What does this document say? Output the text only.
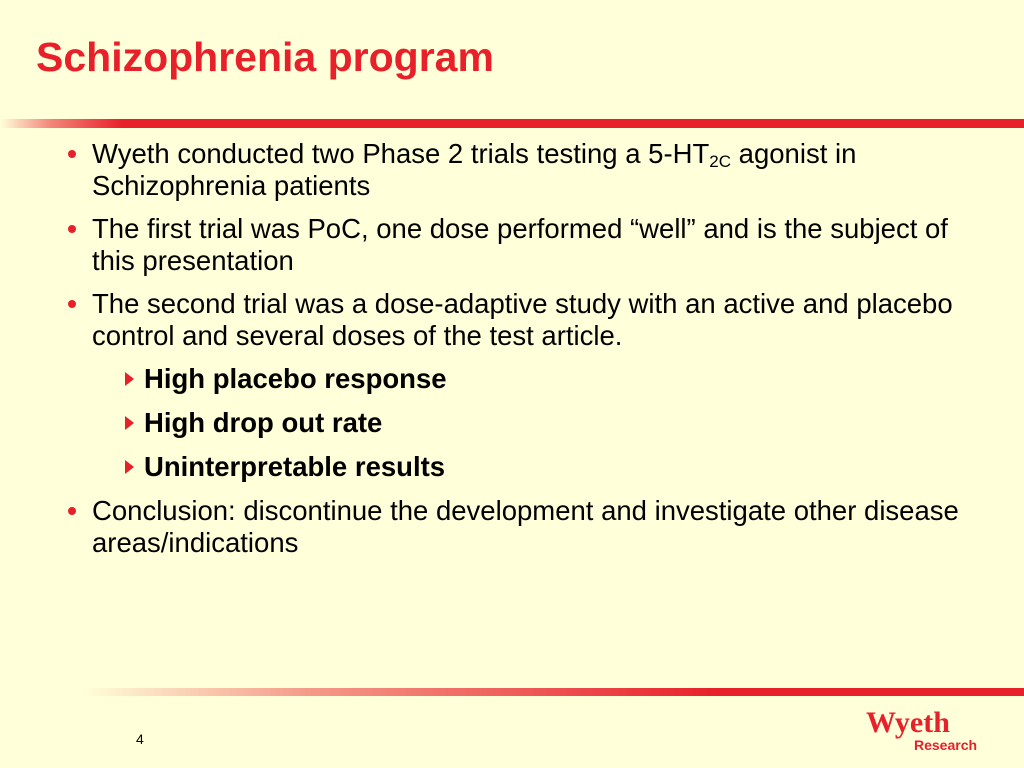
Schizophrenia program
Wyeth conducted two Phase 2 trials testing a $5-HT_{2C}$ agonist in Schizophrenia patients
The first trial was PoC, one dose performed “well” and is the subject of this presentation
The second trial was a dose-adaptive study with an active and placebo control and several doses of the test article.
High placebo response
High drop out rate
Uninterpretable results
Conclusion: discontinue the development and investigate other disease areas/indications
4	Wyeth
Research
